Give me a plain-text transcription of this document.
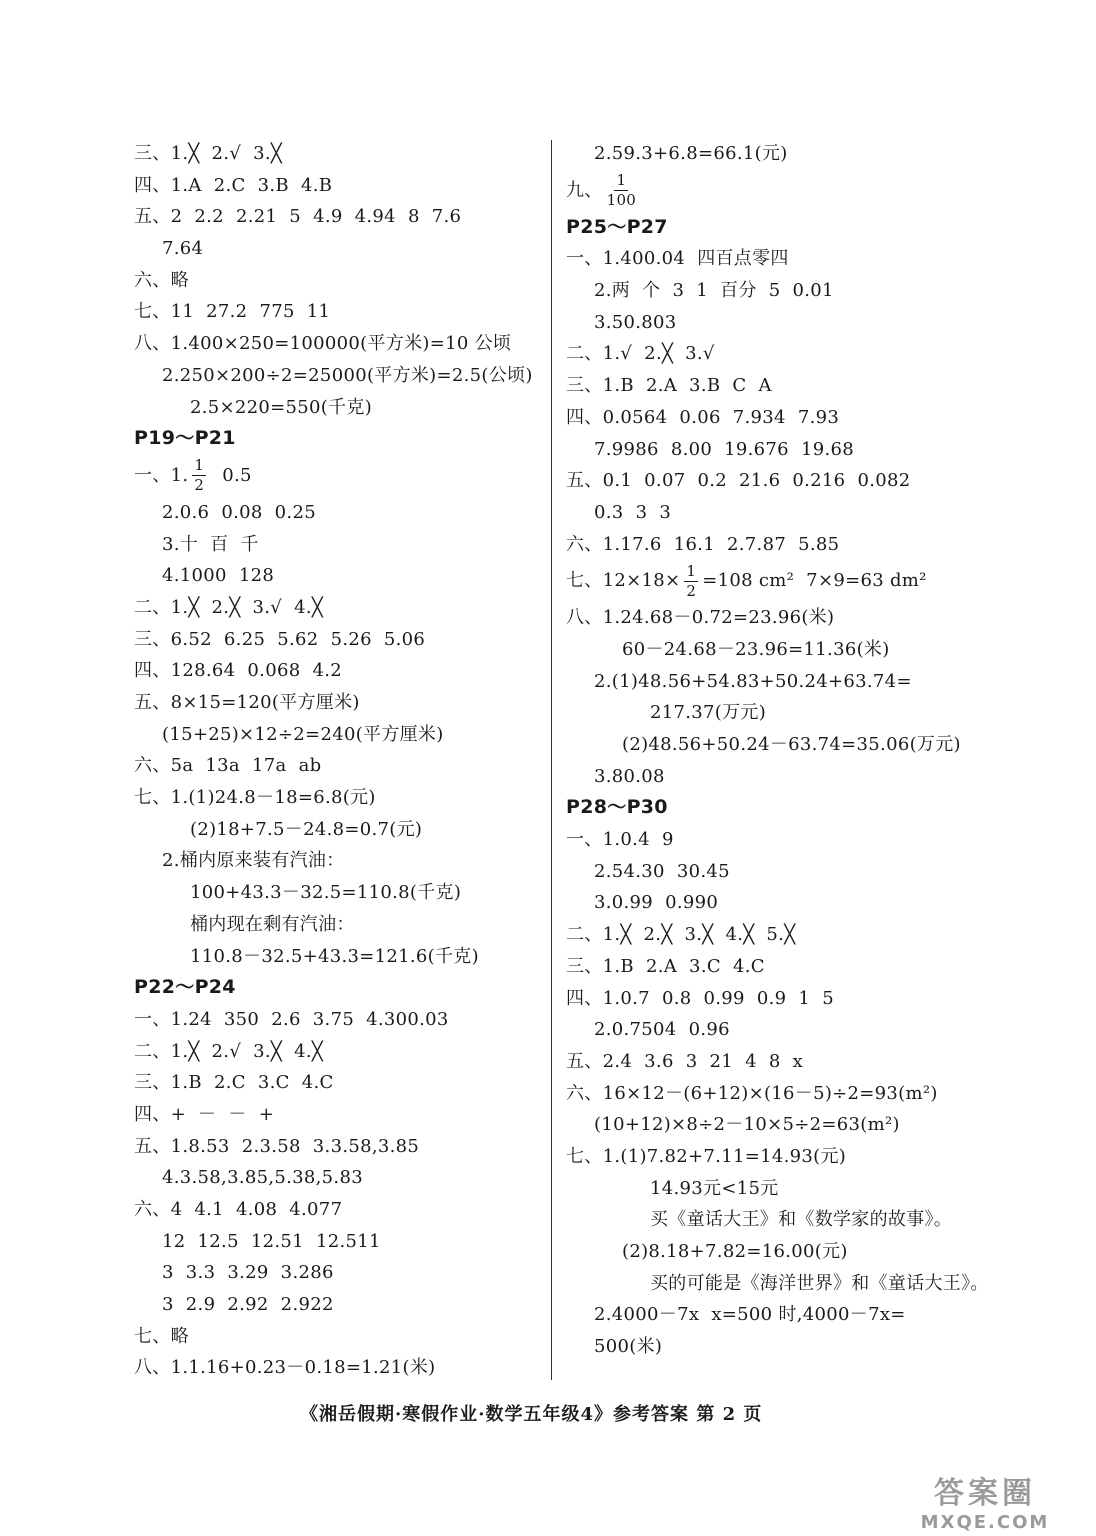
三、1.╳  2.√  3.╳
四、1.A  2.C  3.B  4.B
五、2  2.2  2.21  5  4.9  4.94  8  7.6
7.64
六、略
七、11  27.2  775  11
八、1.400×250=100000(平方米)=10 公顷
2.250×200÷2=25000(平方米)=2.5(公顷)
2.5×220=550(千克)
P19～P21
一、1. $\frac{1}{2} 0.5$
2.0.6  0.08  0.25
3.十  百  千
4.1000  128
二、1.╳  2.╳  3.√  4.╳
三、6.52  6.25  5.62  5.26  5.06
四、128.64  0.068  4.2
五、8×15=120(平方厘米)
(15+25)×12÷2=240(平方厘米)
六、5a  13a  17a  ab
七、1.(1)24.8－18=6.8(元)
(2)18+7.5－24.8=0.7(元)
2.桶内原来装有汽油：
100+43.3－32.5=110.8(千克)
桶内现在剩有汽油：
110.8－32.5+43.3=121.6(千克)
P22～P24
一、1.24  350  2.6  3.75  4.300.03
二、1.╳  2.√  3.╳  4.╳
三、1.B  2.C  3.C  4.C
四、+  －  －  +
五、1.8.53  2.3.58  3.3.58,3.85
4.3.58,3.85,5.38,5.83
六、4  4.1  4.08  4.077
12  12.5  12.51  12.511
3  3.3  3.29  3.286
3  2.9  2.92  2.922
七、略
八、1.1.16+0.23－0.18=1.21(米)
2.59.3+6.8=66.1(元)
九、 $\frac{1}{100}$
P25～P27
一、1.400.04  四百点零四
2.两  个  3  1  百分  5  0.01
3.50.803
二、1.√  2.╳  3.√
三、1.B  2.A  3.B  C  A
四、0.0564  0.06  7.934  7.93
7.9986  8.00  19.676  19.68
五、0.1  0.07  0.2  21.6  0.216  0.082
0.3  3  3
六、1.17.6  16.1  2.7.87  5.85
七、$12\times 18\times \frac{1}{2} =108$ cm²  7×9=63 dm²
八、1.24.68－0.72=23.96(米)
60－24.68－23.96=11.36(米)
2.(1)48.56+54.83+50.24+63.74=
217.37(万元)
(2)48.56+50.24－63.74=35.06(万元)
3.80.08
P28～P30
一、1.0.4  9
2.54.30  30.45
3.0.99  0.990
二、1.╳  2.╳  3.╳  4.╳  5.╳
三、1.B  2.A  3.C  4.C
四、1.0.7  0.8  0.99  0.9  1  5
2.0.7504  0.96
五、2.4  3.6  3  21  4  8  x
六、16×12－(6+12)×(16－5)÷2=93(m²)
(10+12)×8÷2－10×5÷2=63(m²)
七、1.(1)7.82+7.11=14.93(元)
14.93元<15元
买《童话大王》和《数学家的故事》。
(2)8.18+7.82=16.00(元)
买的可能是《海洋世界》和《童话大王》。
2.4000－7x  x=500 时,4000－7x=
500(米)
《湘岳假期·寒假作业·数学五年级4》参考答案 第 2 页
答案圈
MXQE.COM
